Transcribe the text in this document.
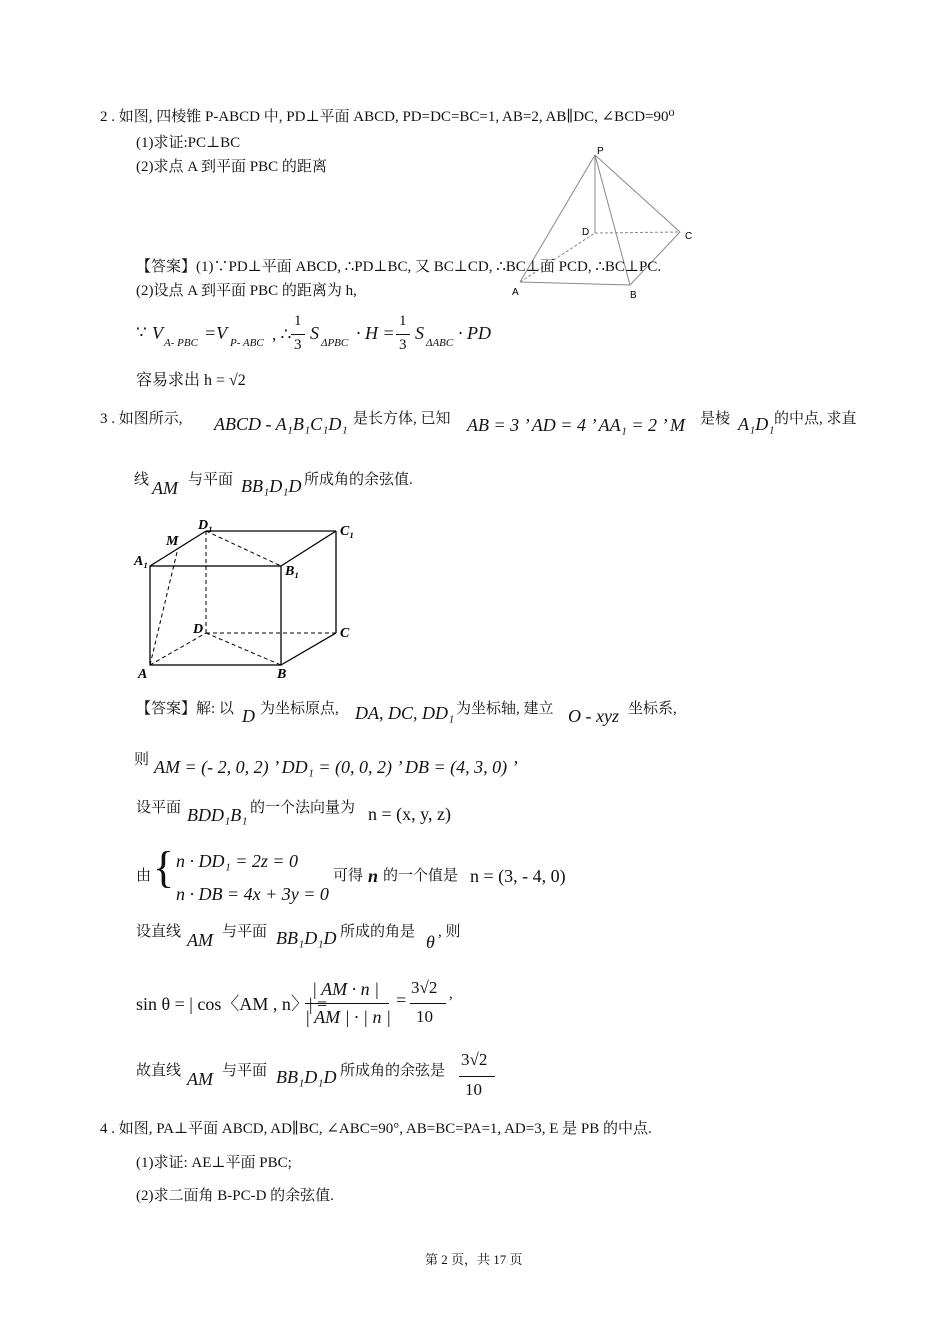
2 . 如图, 四棱锥 P-ABCD 中, PD⊥平面 ABCD, PD=DC=BC=1, AB=2, AB∥DC, ∠BCD=90⁰
(1)求证:PC⊥BC
(2)求点 A 到平面 PBC 的距离
P
D	C
A	B
【答案】(1)∵PD⊥平面 ABCD, ∴PD⊥BC, 又 BC⊥CD, ∴BC⊥面 PCD, ∴BC⊥PC.
(2)设点 A 到平面 PBC 的距离为 h,
∵ V A- PBC =V P- ABC , ∴
1
3
S ΔPBC · H =
1
3
S ΔABC · PD
容易求出 h = √2
3 . 如图所示, ABCD - A₁B₁C₁D₁ 是长方体, 已知 AB = 3 ’ AD = 4 ’ AA₁ = 2 ’ M 是棱 A₁D₁ 的中点, 求直
线 AM 与平面 BB₁D₁D 所成角的余弦值.
D₁	C₁
A₁
B₁
M
D	C
A	B
【答案】解: 以 D 为坐标原点, DA, DC, DD₁ 为坐标轴, 建立 O - xyz 坐标系,
则 AM = (- 2, 0, 2) ’ DD₁ = (0, 0, 2) ’ DB = (4, 3, 0) ’
设平面 BDD₁B₁ 的一个法向量为 n = (x, y, z)
由 { n · DD₁ = 2z = 0
n · DB = 4x + 3y = 0
可得 n 的一个值是 n = (3, - 4, 0)
设直线 AM 与平面 BB₁D₁D 所成的角是 θ , 则
sin θ = | cos〈AM , n〉| =
| AM · n |
| AM | · | n |
=
3√2
10
,
故直线 AM 与平面 BB₁D₁D 所成角的余弦是
3√2
10
4 . 如图, PA⊥平面 ABCD, AD∥BC, ∠ABC=90°, AB=BC=PA=1, AD=3, E 是 PB 的中点.
(1)求证: AE⊥平面 PBC;
(2)求二面角 B-PC-D 的余弦值.
第 2 页，共 17 页
